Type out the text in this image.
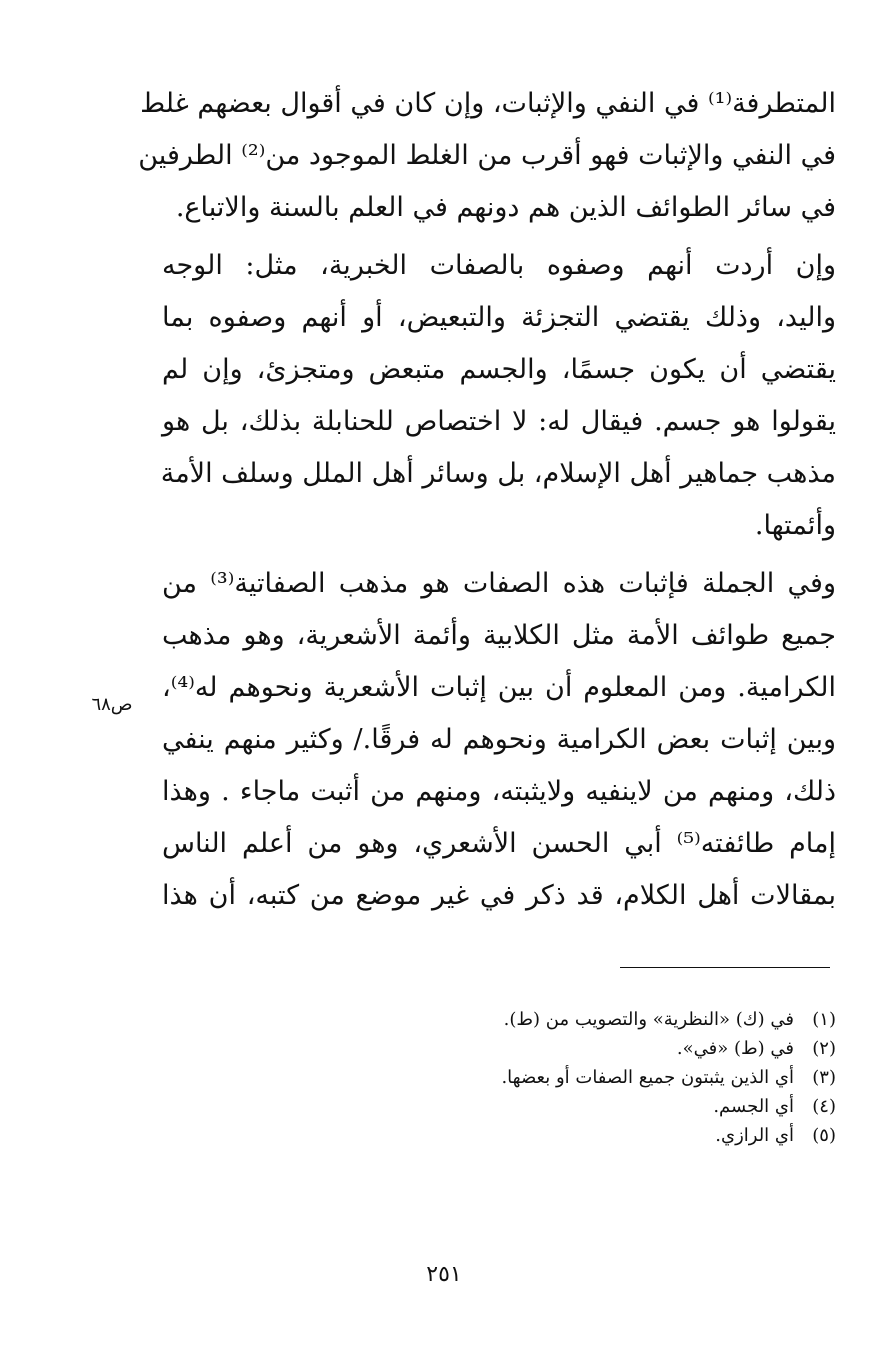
المتطرفة⁽¹⁾ في النفي والإثبات، وإن كان في أقوال بعضهم غلط
في النفي والإثبات فهو أقرب من الغلط الموجود من⁽²⁾ الطرفين
في سائر الطوائف الذين هم دونهم في العلم بالسنة والاتباع.
وإن أردت أنهم وصفوه بالصفات الخبرية، مثل: الوجه
واليد، وذلك يقتضي التجزئة والتبعيض، أو أنهم وصفوه بما
يقتضي أن يكون جسمًا، والجسم متبعض ومتجزئ، وإن لم
يقولوا هو جسم. فيقال له: لا اختصاص للحنابلة بذلك، بل هو
مذهب جماهير أهل الإسلام، بل وسائر أهل الملل وسلف الأمة
وأئمتها.
وفي الجملة فإثبات هذه الصفات هو مذهب الصفاتية⁽³⁾ من
جميع طوائف الأمة مثل الكلابية وأئمة الأشعرية، وهو مذهب
الكرامية. ومن المعلوم أن بين إثبات الأشعرية ونحوهم له⁽⁴⁾،
وبين إثبات بعض الكرامية ونحوهم له فرقًا./ وكثير منهم ينفي
ذلك، ومنهم من لاينفيه ولايثبته، ومنهم من أثبت ماجاء . وهذا
إمام طائفته⁽⁵⁾ أبي الحسن الأشعري، وهو من أعلم الناس
بمقالات أهل الكلام، قد ذكر في غير موضع من كتبه، أن هذا
ص٦٨
(١)
في (ك) «النظرية» والتصويب من (ط).
(٢)
في (ط) «في».
(٣)
أي الذين يثبتون جميع الصفات أو بعضها.
(٤)
أي الجسم.
(٥)
أي الرازي.
٢٥١
